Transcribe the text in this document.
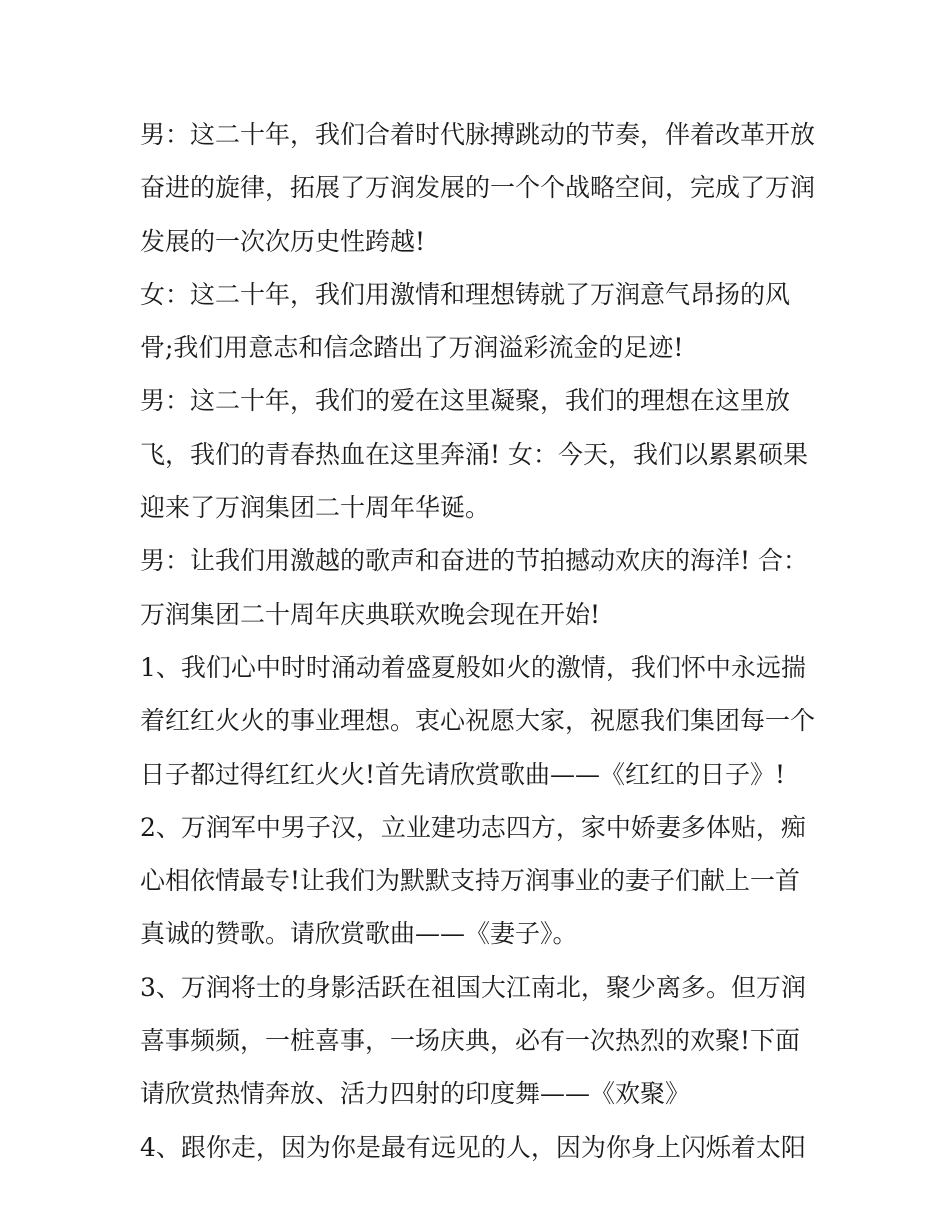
男：这二十年，我们合着时代脉搏跳动的节奏，伴着改革开放
奋进的旋律，拓展了万润发展的一个个战略空间，完成了万润
发展的一次次历史性跨越!
女：这二十年，我们用激情和理想铸就了万润意气昂扬的风
骨;我们用意志和信念踏出了万润溢彩流金的足迹!
男：这二十年，我们的爱在这里凝聚，我们的理想在这里放
飞，我们的青春热血在这里奔涌! 女：今天，我们以累累硕果
迎来了万润集团二十周年华诞。
男：让我们用激越的歌声和奋进的节拍撼动欢庆的海洋! 合：
万润集团二十周年庆典联欢晚会现在开始!
1、我们心中时时涌动着盛夏般如火的激情，我们怀中永远揣
着红红火火的事业理想。衷心祝愿大家，祝愿我们集团每一个
日子都过得红红火火!首先请欣赏歌曲——《红红的日子》!
2、万润军中男子汉，立业建功志四方，家中娇妻多体贴，痴
心相依情最专!让我们为默默支持万润事业的妻子们献上一首
真诚的赞歌。请欣赏歌曲——《妻子》。
3、万润将士的身影活跃在祖国大江南北，聚少离多。但万润
喜事频频，一桩喜事，一场庆典，必有一次热烈的欢聚!下面
请欣赏热情奔放、活力四射的印度舞——《欢聚》
4、跟你走，因为你是最有远见的人，因为你身上闪烁着太阳
